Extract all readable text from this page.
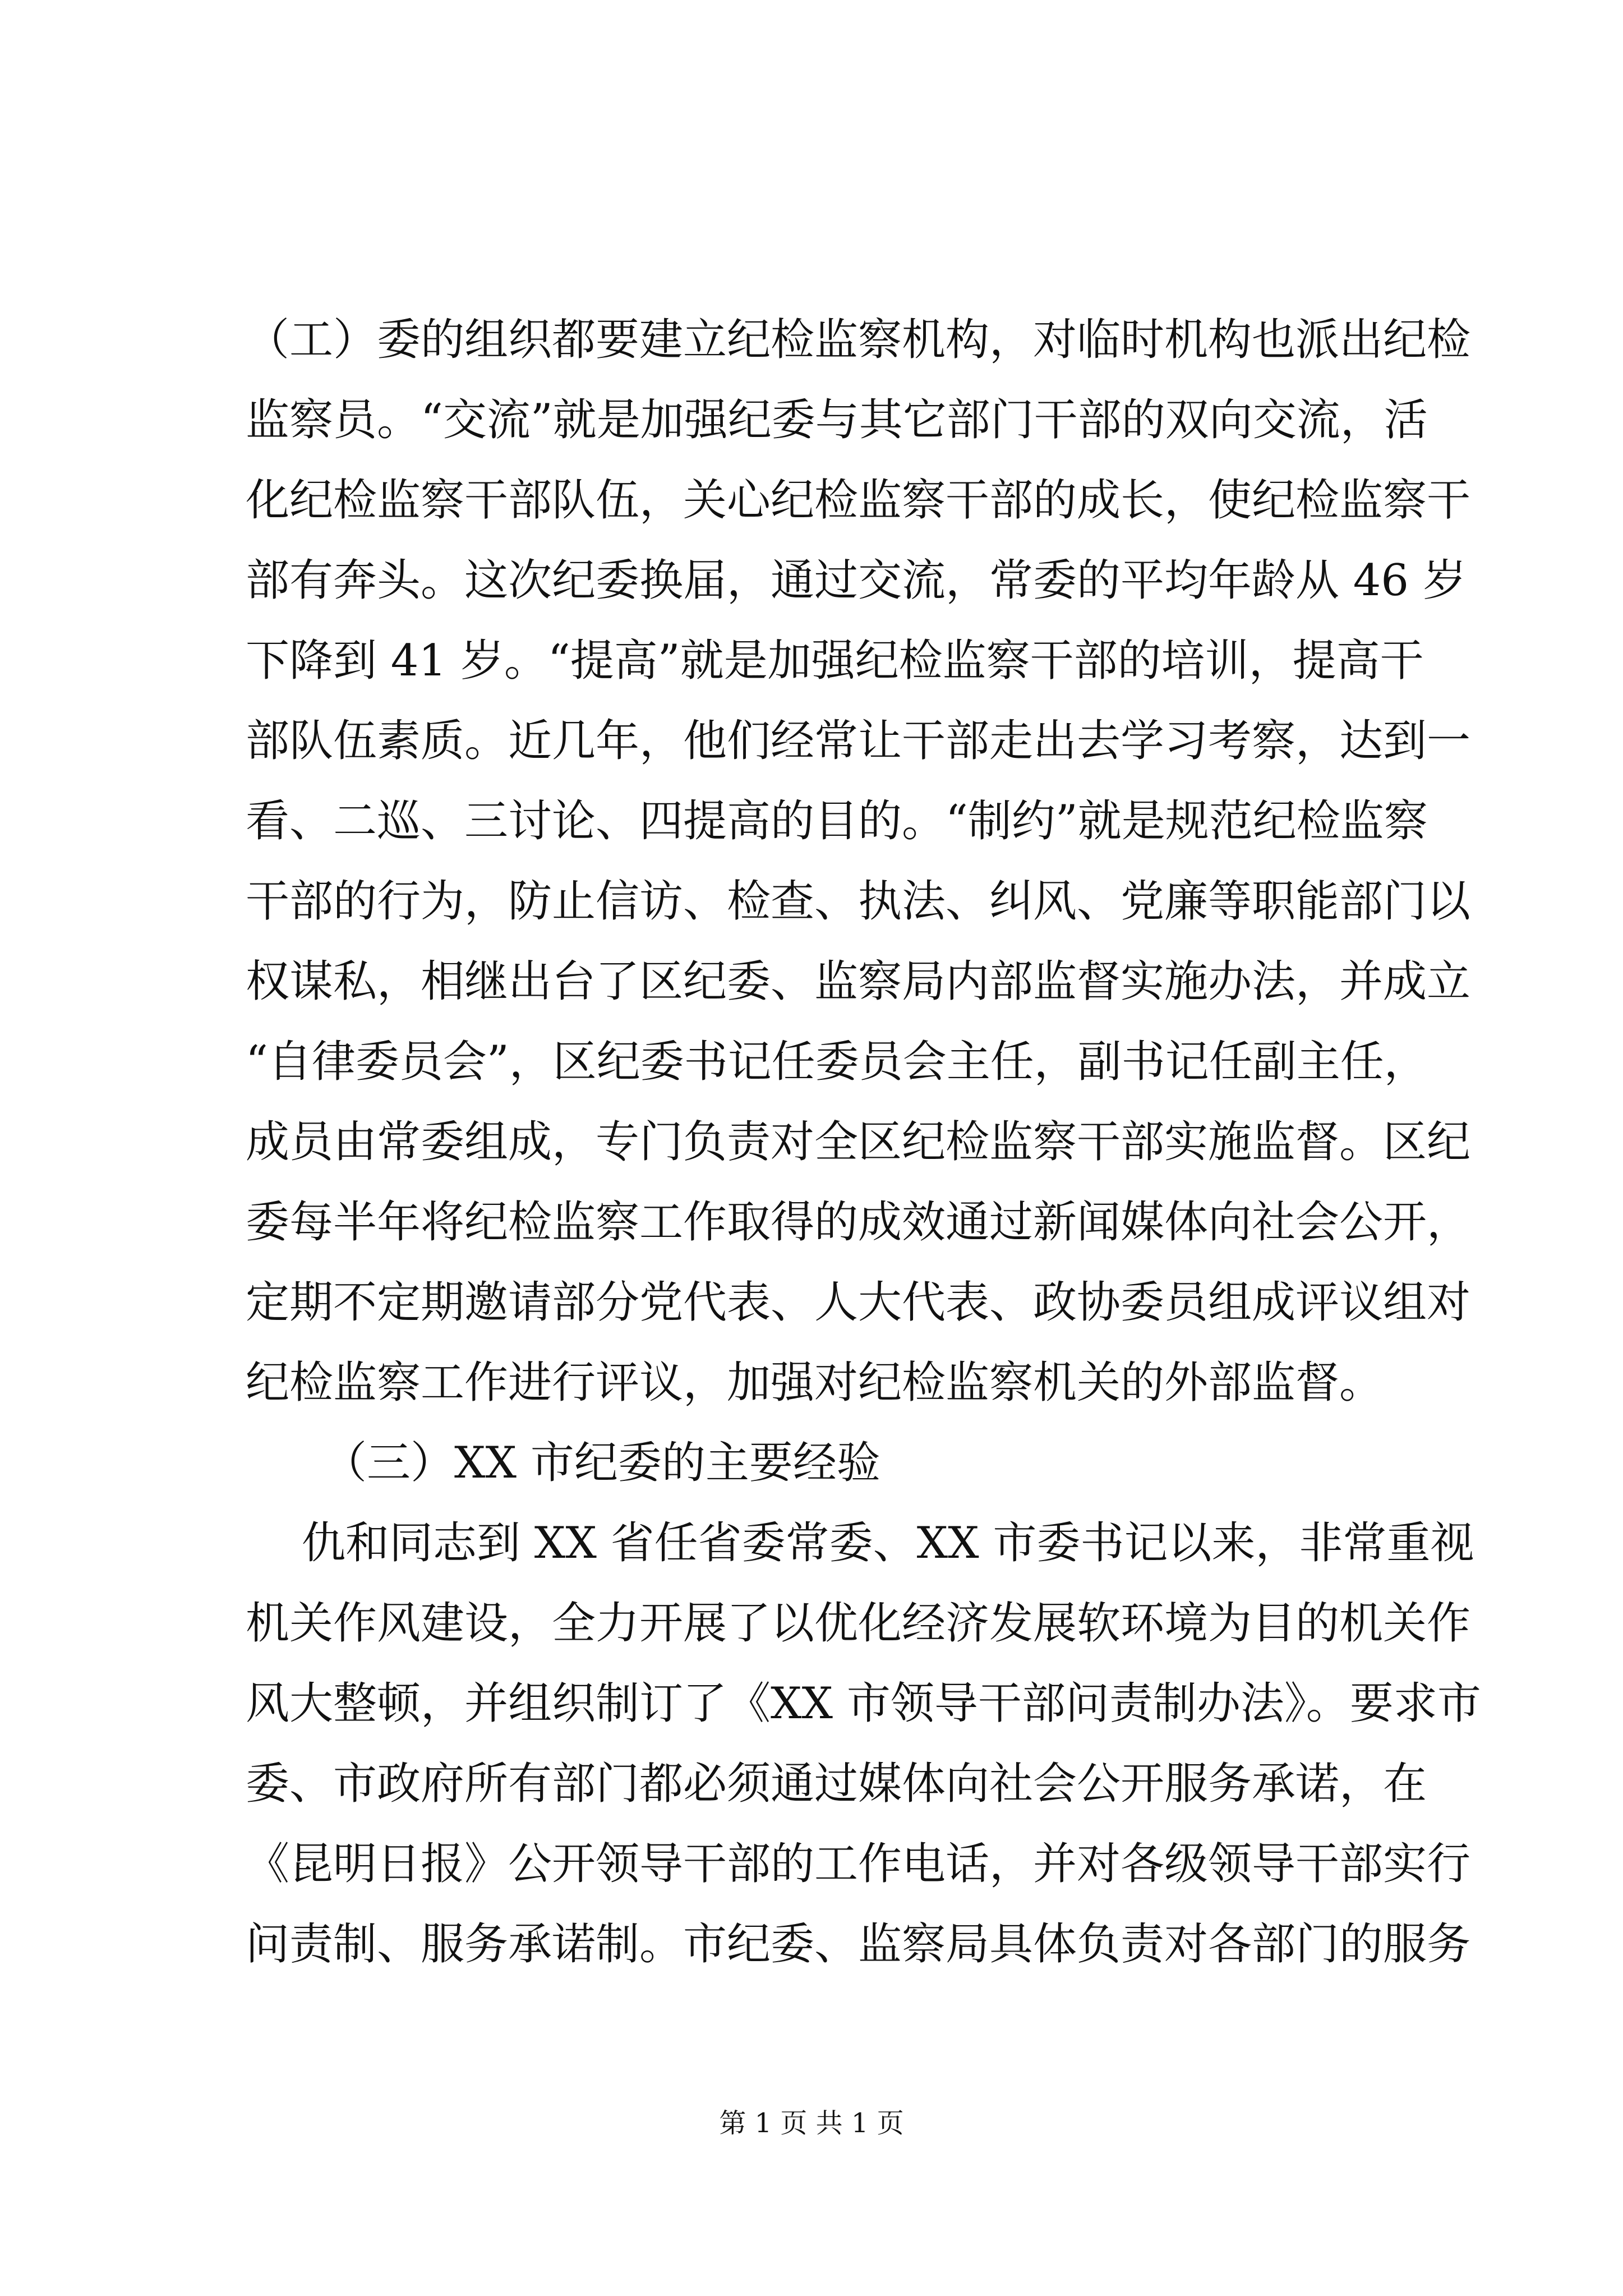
（工）委的组织都要建立纪检监察机构，对临时机构也派出纪检
监察员。“交流”就是加强纪委与其它部门干部的双向交流，活
化纪检监察干部队伍，关心纪检监察干部的成长，使纪检监察干
部有奔头。这次纪委换届，通过交流，常委的平均年龄从 46 岁
下降到 41 岁。“提高”就是加强纪检监察干部的培训，提高干
部队伍素质。近几年，他们经常让干部走出去学习考察，达到一
看、二巡、三讨论、四提高的目的。“制约”就是规范纪检监察
干部的行为，防止信访、检查、执法、纠风、党廉等职能部门以
权谋私，相继出台了区纪委、监察局内部监督实施办法，并成立
“自律委员会”，区纪委书记任委员会主任，副书记任副主任，
成员由常委组成，专门负责对全区纪检监察干部实施监督。区纪
委每半年将纪检监察工作取得的成效通过新闻媒体向社会公开，
定期不定期邀请部分党代表、人大代表、政协委员组成评议组对
纪检监察工作进行评议，加强对纪检监察机关的外部监督。
（三）XX 市纪委的主要经验
仇和同志到 XX 省任省委常委、XX 市委书记以来，非常重视
机关作风建设，全力开展了以优化经济发展软环境为目的机关作
风大整顿，并组织制订了《XX 市领导干部问责制办法》。要求市
委、市政府所有部门都必须通过媒体向社会公开服务承诺，在
《昆明日报》公开领导干部的工作电话，并对各级领导干部实行
问责制、服务承诺制。市纪委、监察局具体负责对各部门的服务
第 1 页 共 1 页
